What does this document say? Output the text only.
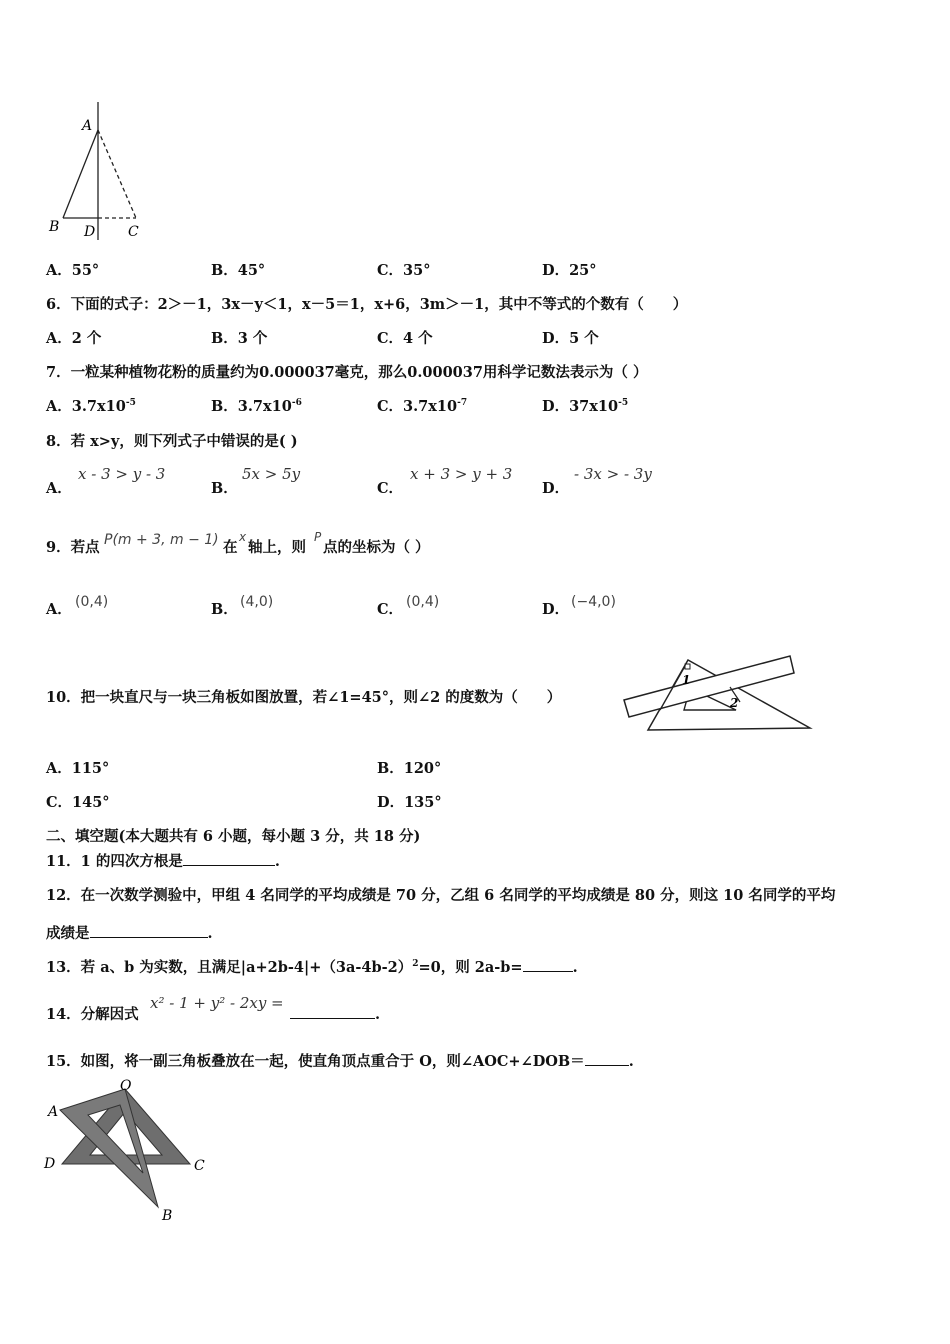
A
B D C
A．55°	B．45°	C．35°	D．25°
6．下面的式子：2＞－1，3x－y＜1，x－5＝1，x+6，3m＞－1，其中不等式的个数有（　　）
A．2 个	B．3 个	C．4 个	D．5 个
7．一粒某种植物花粉的质量约为0.000037毫克，那么0.000037用科学记数法表示为（ ）
A．$3.7x10^{-5}$	B．$3.7x10^{-6}$	C．$3.7x10^{-7}$	D．$37x10^{-5}$
8．若 x>y，则下列式子中错误的是( )
A．
x - 3 > y - 3
B．
5x > 5y
C．
x + 3 > y + 3
D．
- 3x > - 3y
9．若点 P(m + 3, m − 1) 在
x
轴上，则
P
点的坐标为（ ）
A． (0,4)	B． (4,0)	C． (0,4)	D． (−4,0)
10．把一块直尺与一块三角板如图放置，若∠1=45°，则∠2 的度数为（　　）
1
2
A．115°	B．120°
C．145°	D．135°
二、填空题(本大题共有 6 小题，每小题 3 分，共 18 分)
11．1 的四次方根是	.
12．在一次数学测验中，甲组 4 名同学的平均成绩是 70 分，乙组 6 名同学的平均成绩是 80 分，则这 10 名同学的平均
成绩是	.
13．若 a、b 为实数，且满足$|a+2b-4|+(3a-4b-2)^2=0$，则 2a-b=	.
14．分解因式
x² - 1 + y² - 2xy =
.
15．如图，将一副三角板叠放在一起，使直角顶点重合于 O，则∠AOC+∠DOB＝	.
O
A
D	C
B
